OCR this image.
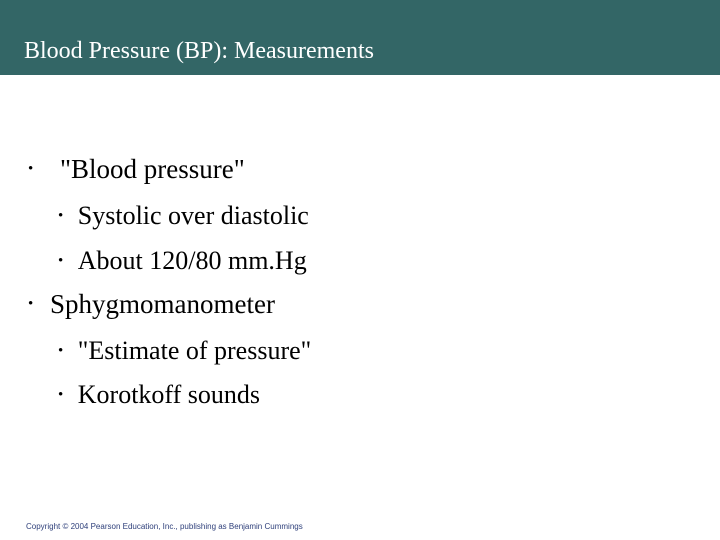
Blood Pressure (BP): Measurements
• "Blood pressure"
• Systolic over diastolic
• About 120/80 mm.Hg
• Sphygmomanometer
• "Estimate of pressure"
• Korotkoff sounds
Copyright © 2004 Pearson Education, Inc., publishing as Benjamin Cummings
